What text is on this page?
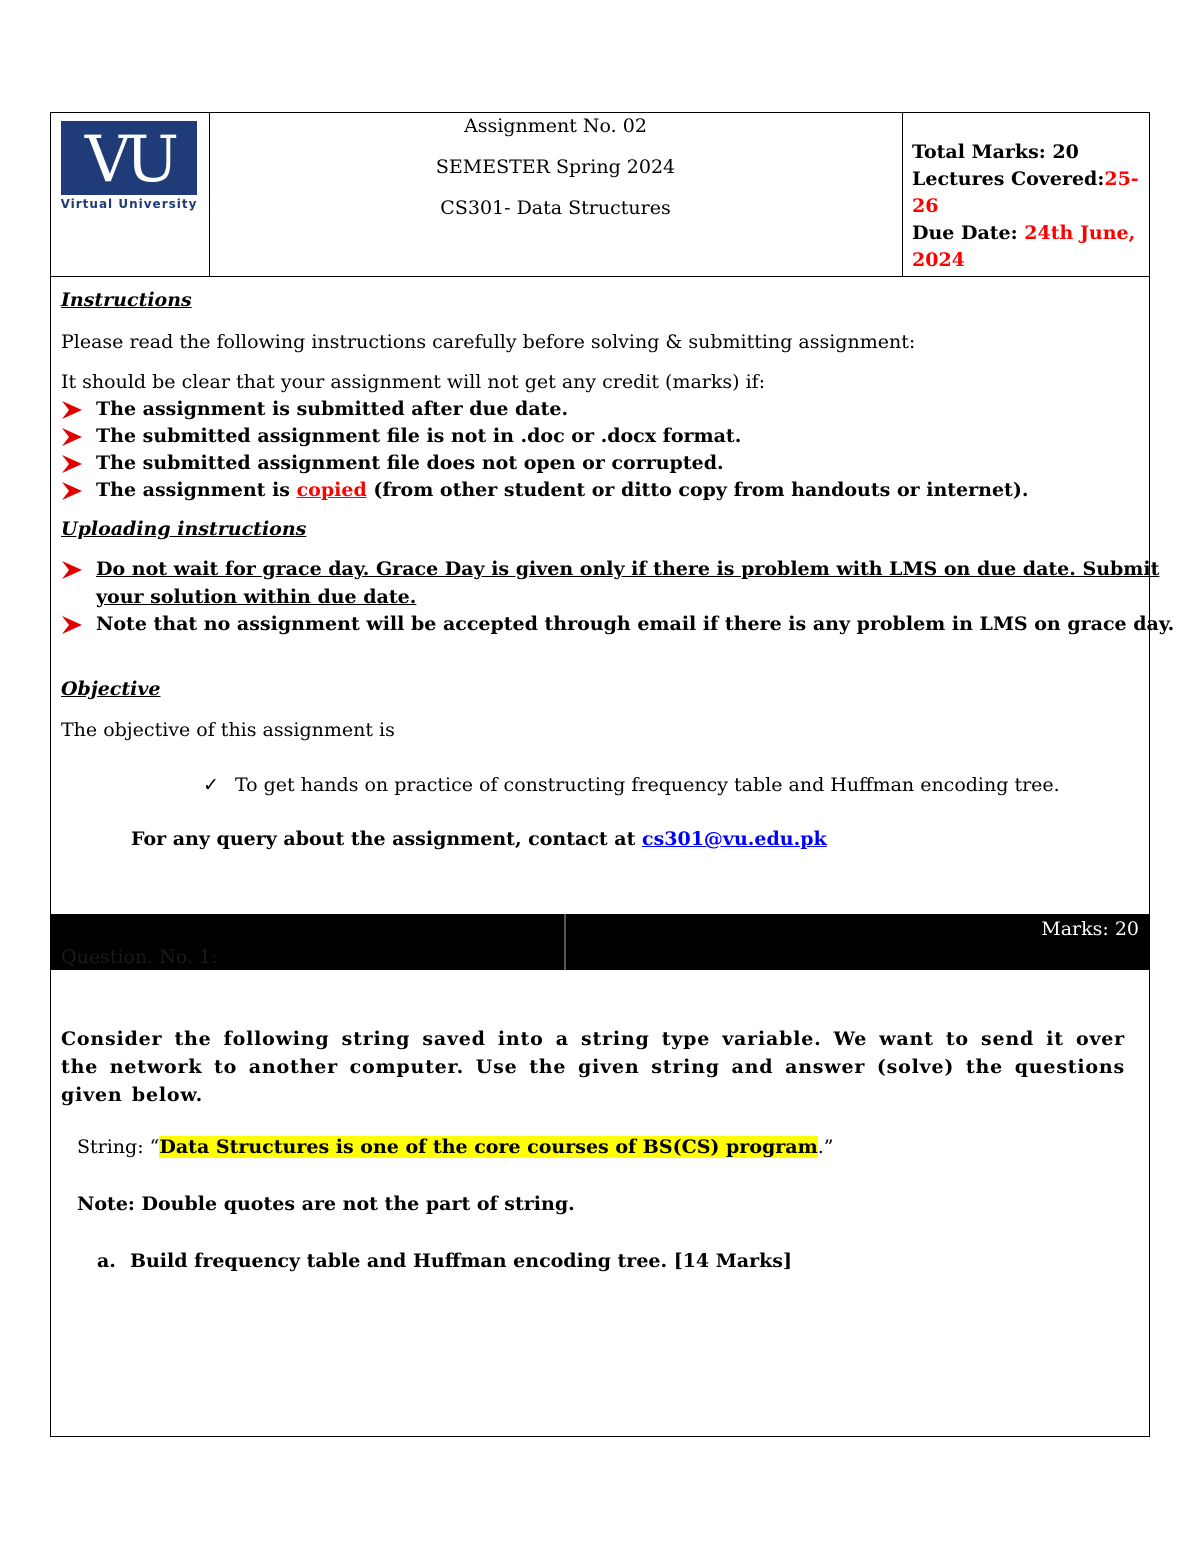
VU
Virtual University
Assignment No. 02
SEMESTER Spring 2024
CS301- Data Structures
Total Marks: 20
Lectures Covered:25-26
Due Date: 24th June, 2024
Instructions
Please read the following instructions carefully before solving & submitting assignment:
It should be clear that your assignment will not get any credit (marks) if:
The assignment is submitted after due date.
The submitted assignment file is not in .doc or .docx format.
The submitted assignment file does not open or corrupted.
The assignment is copied (from other student or ditto copy from handouts or internet).
Uploading instructions
Do not wait for grace day. Grace Day is given only if there is problem with LMS on due date. Submit
your solution within due date.
Note that no assignment will be accepted through email if there is any problem in LMS on grace day.
Objective
The objective of this assignment is
✓ To get hands on practice of constructing frequency table and Huffman encoding tree.
For any query about the assignment, contact at cs301@vu.edu.pk
Question. No. 1:
Marks: 20
Consider the following string saved into a string type variable. We want to send it over the network to another computer. Use the given string and answer (solve) the questions given below.
String: “Data Structures is one of the core courses of BS(CS) program.”
Note: Double quotes are not the part of string.
a. Build frequency table and Huffman encoding tree. [14 Marks]
